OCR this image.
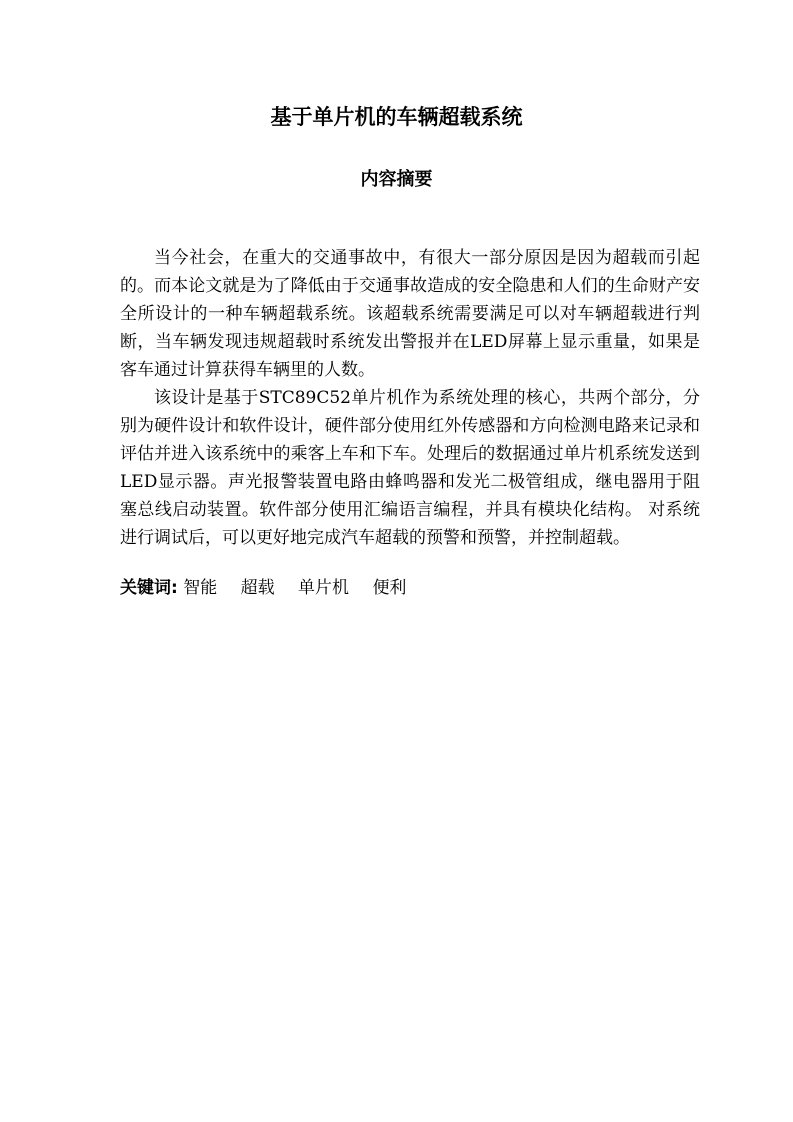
基于单片机的车辆超载系统
内容摘要

当今社会，在重大的交通事故中，有很大一部分原因是因为超载而引起的。而本论文就是为了降低由于交通事故造成的安全隐患和人们的生命财产安全所设计的一种车辆超载系统。该超载系统需要满足可以对车辆超载进行判断，当车辆发现违规超载时系统发出警报并在LED屏幕上显示重量，如果是客车通过计算获得车辆里的人数。

该设计是基于STC89C52单片机作为系统处理的核心，共两个部分，分别为硬件设计和软件设计，硬件部分使用红外传感器和方向检测电路来记录和评估并进入该系统中的乘客上车和下车。处理后的数据通过单片机系统发送到LED显示器。声光报警装置电路由蜂鸣器和发光二极管组成，继电器用于阻塞总线启动装置。软件部分使用汇编语言编程，并具有模块化结构。 对系统进行调试后，可以更好地完成汽车超载的预警和预警，并控制超载。

关键词: 智能 超载 单片机 便利
